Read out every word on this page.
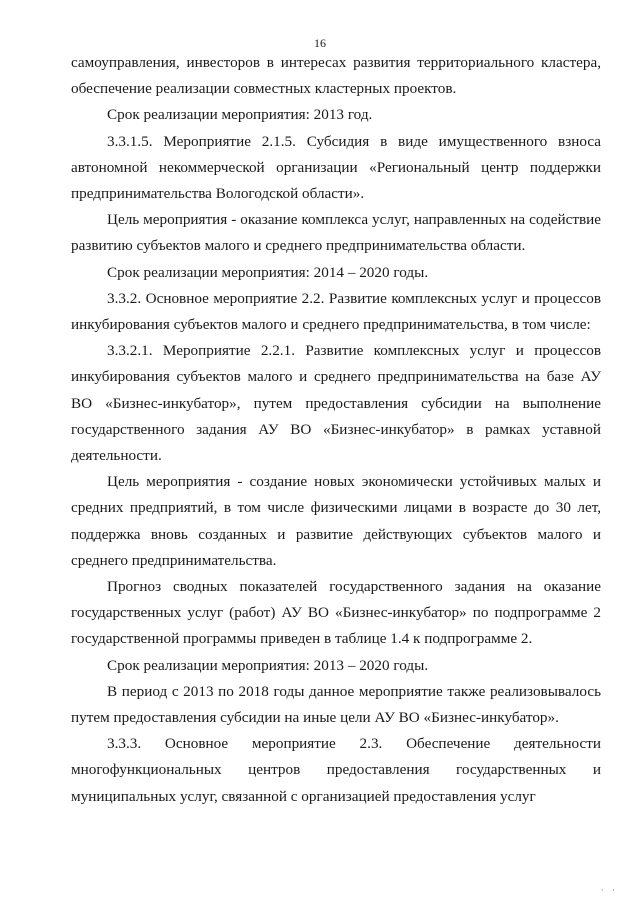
16

самоуправления, инвесторов в интересах развития территориального кластера, обеспечение реализации совместных кластерных проектов.

Срок реализации мероприятия: 2013 год.

3.3.1.5. Мероприятие 2.1.5. Субсидия в виде имущественного взноса автономной некоммерческой организации «Региональный центр поддержки предпринимательства Вологодской области».

Цель мероприятия - оказание комплекса услуг, направленных на содействие развитию субъектов малого и среднего предпринимательства области.

Срок реализации мероприятия: 2014 – 2020 годы.

3.3.2. Основное мероприятие 2.2. Развитие комплексных услуг и процессов инкубирования субъектов малого и среднего предпринимательства, в том числе:

3.3.2.1. Мероприятие 2.2.1. Развитие комплексных услуг и процессов инкубирования субъектов малого и среднего предпринимательства на базе АУ ВО «Бизнес-инкубатор», путем предоставления субсидии на выполнение государственного задания АУ ВО «Бизнес-инкубатор» в рамках уставной деятельности.

Цель мероприятия - создание новых экономически устойчивых малых и средних предприятий, в том числе физическими лицами в возрасте до 30 лет, поддержка вновь созданных и развитие действующих субъектов малого и среднего предпринимательства.

Прогноз сводных показателей государственного задания на оказание государственных услуг (работ) АУ ВО «Бизнес-инкубатор» по подпрограмме 2 государственной программы приведен в таблице 1.4 к подпрограмме 2.

Срок реализации мероприятия: 2013 – 2020 годы.

В период с 2013 по 2018 годы данное мероприятие также реализовывалось путем предоставления субсидии на иные цели АУ ВО «Бизнес-инкубатор».

3.3.3. Основное мероприятие 2.3. Обеспечение деятельности многофункциональных центров предоставления государственных и муниципальных услуг, связанной с организацией предоставления услуг

· ·
